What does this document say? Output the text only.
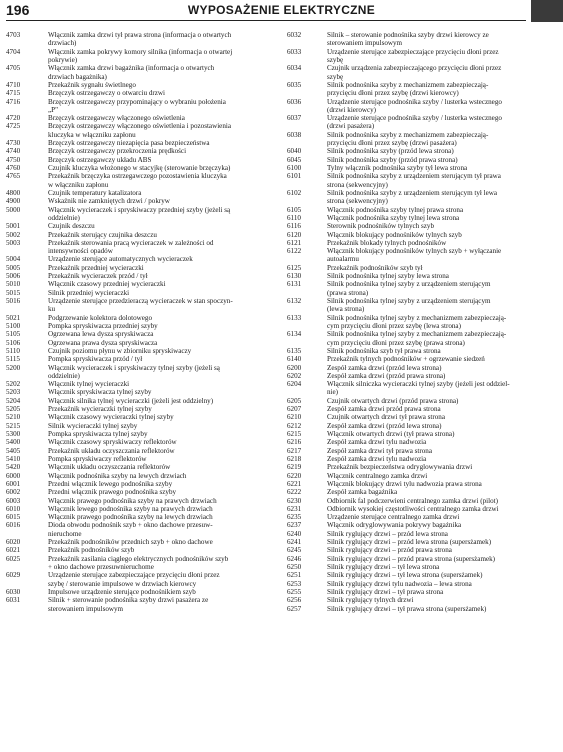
196	WYPOSAŻENIE ELEKTRYCZNE
4703	Włącznik zamka drzwi tył prawa strona (informacja o otwartych
drzwiach)
4704	Włącznik zamka pokrywy komory silnika (informacja o otwartej
pokrywie)
4705	Włącznik zamka drzwi bagażnika (informacja o otwartych
drzwiach bagażnika)
4710	Przekaźnik sygnału świetlnego
4715	Brzęczyk ostrzegawczy o otwarciu drzwi
4716	Brzęczyk ostrzegawczy przypominający o wybraniu położenia
„P"
4720	Brzęczyk ostrzegawczy włączonego oświetlenia
4725	Brzęczyk ostrzegawczy włączonego oświetlenia i pozostawienia
kluczyka w włączniku zapłonu
4730	Brzęczyk ostrzegawczy niezapięcia pasa bezpieczeństwa
4740	Brzęczyk ostrzegawczy przekroczenia prędkości
4750	Brzęczyk ostrzegawczy układu ABS
4760	Czujnik kluczyka włożonego w stacyjkę (sterowanie brzęczyka)
4765	Przekaźnik brzęczyka ostrzegawczego pozostawienia kluczyka
w włączniku zapłonu
4800	Czujnik temperatury katalizatora
4900	Wskaźnik nie zamkniętych drzwi / pokryw
5000	Włącznik wycieraczek i spryskiwaczy przedniej szyby (jeżeli są
oddzielnie)
5001	Czujnik deszczu
5002	Przekaźnik sterujący czujnika deszczu
5003	Przekaźnik sterowania pracą wycieraczek w zależności od
intensywności opadów
5004	Urządzenie sterujące automatycznych wycieraczek
5005	Przekaźnik przedniej wycieraczki
5006	Przekaźnik wycieraczek przód / tył
5010	Włącznik czasowy przedniej wycieraczki
5015	Silnik przedniej wycieraczki
5016	Urządzenie sterujące przedzieraczą wycieraczek w stan spoczyn-
ku
5021	Podgrzewanie kolektora dolotowego
5100	Pompka spryskiwacza przedniej szyby
5105	Ogrzewana lewa dysza spryskiwacza
5106	Ogrzewana prawa dysza spryskiwacza
5110	Czujnik poziomu płynu w zbiorniku spryskiwaczy
5115	Pompka spryskiwacza przód / tył
5200	Włącznik wycieraczek i spryskiwaczy tylnej szyby (jeżeli są
oddzielnie)
5202	Włącznik tylnej wycieraczki
5203	Włącznik spryskiwacza tylnej szyby
5204	Włącznik silnika tylnej wycieraczki (jeżeli jest oddzielny)
5205	Przekaźnik wycieraczki tylnej szyby
5210	Włącznik czasowy wycieraczki tylnej szyby
5215	Silnik wycieraczki tylnej szyby
5300	Pompka spryskiwacza tylnej szyby
5400	Włącznik czasowy spryskiwaczy reflektorów
5405	Przekaźnik układu oczyszczania reflektorów
5410	Pompka spryskiwaczy reflektorów
5420	Włącznik układu oczyszczania reflektorów
6000	Włącznik podnośnika szyby na lewych drzwiach
6001	Przedni włącznik lewego podnośnika szyby
6002	Przedni włącznik prawego podnośnika szyby
6003	Włącznik prawego podnośnika szyby na prawych drzwiach
6010	Włącznik lewego podnośnika szyby na prawych drzwiach
6015	Włącznik prawego podnośnika szyby na lewych drzwiach
6016	Dioda obwodu podnośnik szyb + okno dachowe przesuw-
nieruchome
6020	Przekaźnik podnośników przednich szyb + okno dachowe
6021	Przekaźnik podnośników szyb
6025	Przekaźnik zasilania ciągłego elektrycznych podnośników szyb
+ okno dachowe przesuwnieruchome
6029	Urządzenie sterujące zabezpieczające przycięciu dłoni przez
szybę / sterowanie impulsowe w drzwiach kierowcy
6030	Impulsowe urządzenie sterujące podnośnikiem szyb
6031	Silnik + sterowanie podnośnika szyby drzwi pasażera ze
sterowaniem impulsowym
6032	Silnik – sterowanie podnośnika szyby drzwi kierowcy ze
sterowaniem impulsowym
6033	Urządzenie sterujące zabezpieczające przycięciu dłoni przez
szybę
6034	Czujnik urządzenia zabezpieczającego przycięciu dłoni przez
szybę
6035	Silnik podnośnika szyby z mechanizmem zabezpieczają-
przycięciu dłoni przez szybę (drzwi kierowcy)
6036	Urządzenie sterujące podnośnika szyby / lusterka wstecznego
(drzwi kierowcy)
6037	Urządzenie sterujące podnośnika szyby / lusterka wstecznego
(drzwi pasażera)
6038	Silnik podnośnika szyby z mechanizmem zabezpieczają-
przycięciu dłoni przez szybę (drzwi pasażera)
6040	Silnik podnośnika szyby (przód lewa strona)
6045	Silnik podnośnika szyby (przód prawa strona)
6100	Tylny włącznik podnośnika szyby tył lewa strona
6101	Silnik podnośnika szyby z urządzeniem sterującym tył prawa
strona (sekwencyjny)
6102	Silnik podnośnika szyby z urządzeniem sterującym tył lewa
strona (sekwencyjny)
6105	Włącznik podnośnika szyby tylnej prawa strona
6110	Włącznik podnośnika szyby tylnej lewa strona
6116	Sterownik podnośników tylnych szyb
6120	Włącznik blokujący podnośników tylnych szyb
6121	Przekaźnik blokady tylnych podnośników
6122	Włącznik blokujący podnośników tylnych szyb + wyłączanie
autoalarmu
6125	Przekaźnik podnośników szyb tył
6130	Silnik podnośnika tylnej szyby lewa strona
6131	Silnik podnośnika tylnej szyby z urządzeniem sterującym
(prawa strona)
6132	Silnik podnośnika tylnej szyby z urządzeniem sterującym
(lewa strona)
6133	Silnik podnośnika tylnej szyby z mechanizmem zabezpieczają-
cym przycięciu dłoni przez szybę (lewa strona)
6134	Silnik podnośnika tylnej szyby z mechanizmem zabezpieczają-
cym przycięciu dłoni przez szybę (prawa strona)
6135	Silnik podnośnika szyb tył prawa strona
6140	Przekaźnik tylnych podnośników + ogrzewanie siedzeń
6200	Zespół zamka drzwi (przód lewa strona)
6202	Zespół zamka drzwi (przód prawa strona)
6204	Włącznik silniczka wycieraczki tylnej szyby (jeżeli jest oddziel-
nie)
6205	Czujnik otwartych drzwi (przód prawa strona)
6207	Zespół zamka drzwi przód prawa strona
6210	Czujnik otwartych drzwi tył prawa strona
6212	Zespół zamka drzwi (przód lewa strona)
6215	Włącznik otwartych drzwi (tył prawa strona)
6216	Zespół zamka drzwi tylu nadwozia
6217	Zespół zamka drzwi tył prawa strona
6218	Zespół zamka drzwi tylu nadwozia
6219	Przekaźnik bezpieczeństwa odryglowywania drzwi
6220	Włącznik centralnego zamka drzwi
6221	Włącznik blokujący drzwi tylu nadwozia prawa strona
6222	Zespół zamka bagażnika
6230	Odbiornik fal podczerwieni centralnego zamka drzwi (pilot)
6231	Odbiornik wysokiej częstotliwości centralnego zamka drzwi
6235	Urządzenie sterujące centralnego zamka drzwi
6237	Włącznik odryglowywania pokrywy bagażnika
6240	Silnik ryglujący drzwi – przód lewa strona
6241	Silnik ryglujący drzwi – przód lewa strona (supersżamek)
6245	Silnik ryglujący drzwi – przód prawa strona
6246	Silnik ryglujący drzwi – przód prawa strona (supersżamek)
6250	Silnik ryglujący drzwi – tył lewa strona
6251	Silnik ryglujący drzwi – tył lewa strona (supersżamek)
6253	Silnik ryglujący drzwi tylu nadwozia – lewa strona
6255	Silnik ryglujący drzwi – tył prawa strona
6256	Silnik ryglujący tylnych drzwi
6257	Silnik ryglujący drzwi – tył prawa strona (supersżamek)
